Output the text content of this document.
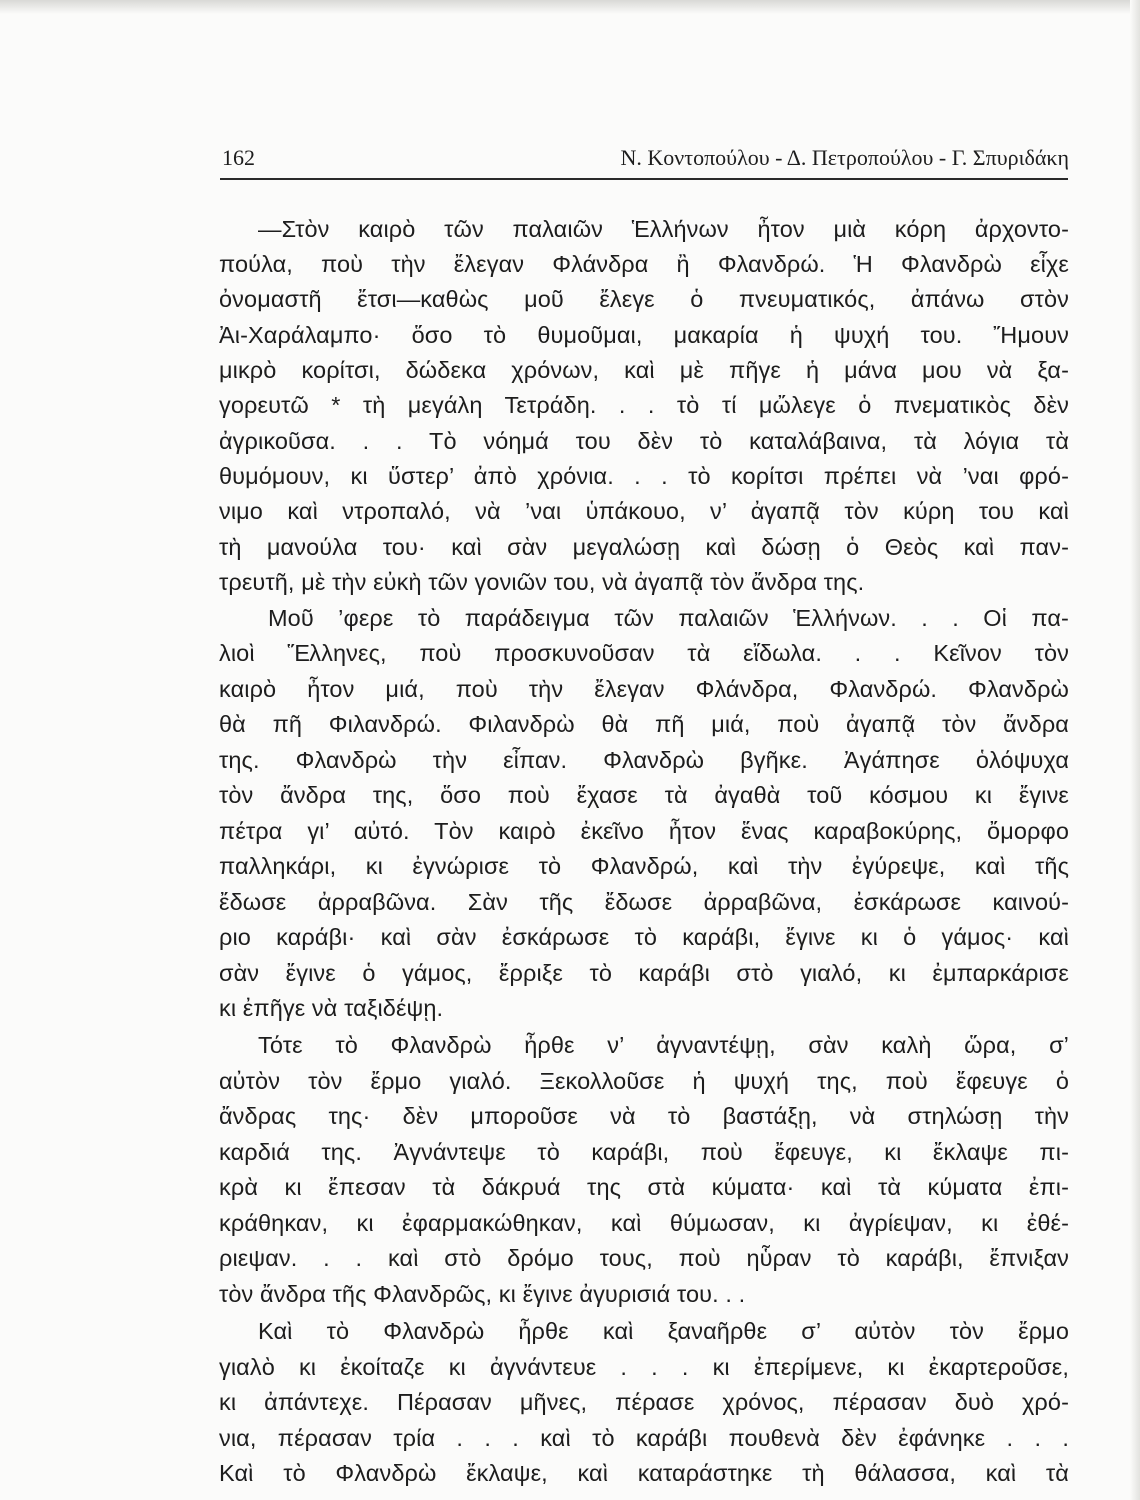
162	Ν. Κοντοπούλου - Δ. Πετροπούλου - Γ. Σπυριδάκη
—Στὸν καιρὸ τῶν παλαιῶν Ἑλλήνων ἦτον μιὰ κόρη ἀρχοντο-
πούλα, ποὺ τὴν ἔλεγαν Φλάνδρα ἢ Φλανδρώ. Ἡ Φλανδρὼ εἶχε
ὀνομαστῆ ἔτσι—καθὼς μοῦ ἔλεγε ὁ πνευματικός, ἀπάνω στὸν
Ἀι-Χαράλαμπο· ὅσο τὸ θυμοῦμαι, μακαρία ἡ ψυχή του. Ἤμουν
μικρὸ κορίτσι, δώδεκα χρόνων, καὶ μὲ πῆγε ἡ μάνα μου νὰ ξα-
γορευτῶ * τὴ μεγάλη Τετράδη. . . τὸ τί μὤλεγε ὁ πνεματικὸς δὲν
ἀγρικοῦσα. . . Τὸ νόημά του δὲν τὸ καταλάβαινα, τὰ λόγια τὰ
θυμόμουν, κι ὕστερ’ ἀπὸ χρόνια. . . τὸ κορίτσι πρέπει νὰ ’ναι φρό-
νιμο καὶ ντροπαλό, νὰ ’ναι ὑπάκουο, ν’ ἀγαπᾷ τὸν κύρη του καὶ
τὴ μανούλα του· καὶ σὰν μεγαλώσῃ καὶ δώσῃ ὁ Θεὸς καὶ παν-
τρευτῆ, μὲ τὴν εὐκὴ τῶν γονιῶν του, νὰ ἀγαπᾷ τὸν ἄνδρα της.
Μοῦ ’φερε τὸ παράδειγμα τῶν παλαιῶν Ἑλλήνων. . . Οἱ πα-
λιοὶ Ἕλληνες, ποὺ προσκυνοῦσαν τὰ εἴδωλα. . . Κεῖνον τὸν
καιρὸ ἦτον μιά, ποὺ τὴν ἔλεγαν Φλάνδρα, Φλανδρώ. Φλανδρὼ
θὰ πῆ Φιλανδρώ. Φιλανδρὼ θὰ πῆ μιά, ποὺ ἀγαπᾷ τὸν ἄνδρα
της. Φλανδρὼ τὴν εἶπαν. Φλανδρὼ βγῆκε. Ἀγάπησε ὁλόψυχα
τὸν ἄνδρα της, ὅσο ποὺ ἔχασε τὰ ἀγαθὰ τοῦ κόσμου κι ἔγινε
πέτρα γι’ αὐτό. Τὸν καιρὸ ἐκεῖνο ἦτον ἕνας καραβοκύρης, ὄμορφο
παλληκάρι, κι ἐγνώρισε τὸ Φλανδρώ, καὶ τὴν ἐγύρεψε, καὶ τῆς
ἔδωσε ἀρραβῶνα. Σὰν τῆς ἔδωσε ἀρραβῶνα, ἐσκάρωσε καινού-
ριο καράβι· καὶ σὰν ἐσκάρωσε τὸ καράβι, ἔγινε κι ὁ γάμος· καὶ
σὰν ἔγινε ὁ γάμος, ἔρριξε τὸ καράβι στὸ γιαλό, κι ἐμπαρκάρισε
κι ἐπῆγε νὰ ταξιδέψῃ.
Τότε τὸ Φλανδρὼ ἦρθε ν’ ἀγναντέψῃ, σὰν καλὴ ὥρα, σ’
αὐτὸν τὸν ἔρμο γιαλό. Ξεκολλοῦσε ἡ ψυχή της, ποὺ ἔφευγε ὁ
ἄνδρας της· δὲν μποροῦσε νὰ τὸ βαστάξῃ, νὰ στηλώσῃ τὴν
καρδιά της. Ἀγνάντεψε τὸ καράβι, ποὺ ἔφευγε, κι ἔκλαψε πι-
κρὰ κι ἔπεσαν τὰ δάκρυά της στὰ κύματα· καὶ τὰ κύματα ἐπι-
κράθηκαν, κι ἐφαρμακώθηκαν, καὶ θύμωσαν, κι ἀγρίεψαν, κι ἐθέ-
ριεψαν. . . καὶ στὸ δρόμο τους, ποὺ ηὗραν τὸ καράβι, ἔπνιξαν
τὸν ἄνδρα τῆς Φλανδρῶς, κι ἔγινε ἀγυρισιά του. . .
Καὶ τὸ Φλανδρὼ ἦρθε καὶ ξαναῆρθε σ’ αὐτὸν τὸν ἔρμο
γιαλὸ κι ἐκοίταζε κι ἀγνάντευε . . . κι ἐπερίμενε, κι ἐκαρτεροῦσε,
κι ἀπάντεχε. Πέρασαν μῆνες, πέρασε χρόνος, πέρασαν δυὸ χρό-
νια, πέρασαν τρία . . . καὶ τὸ καράβι πουθενὰ δὲν ἐφάνηκε . . .
Καὶ τὸ Φλανδρὼ ἔκλαψε, καὶ καταράστηκε τὴ θάλασσα, καὶ τὰ
